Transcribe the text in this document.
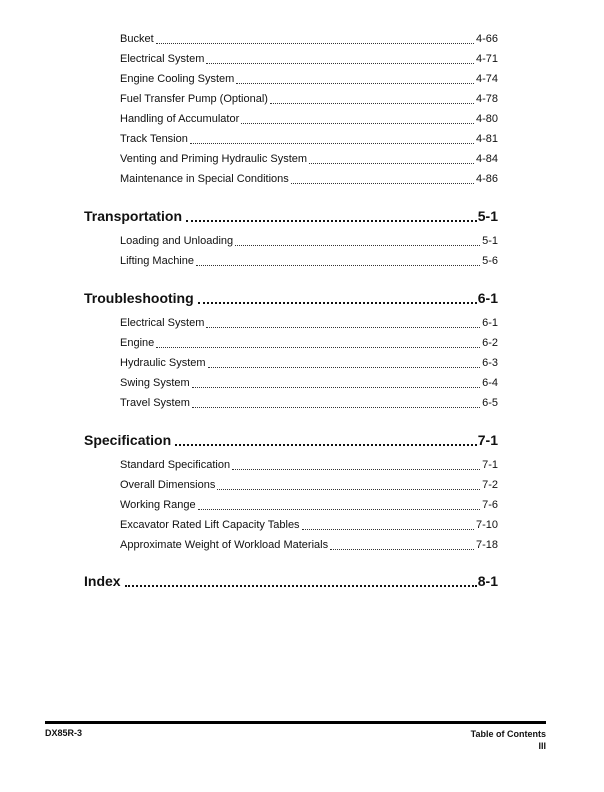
Bucket	4-66
Electrical System	4-71
Engine Cooling System	4-74
Fuel Transfer Pump (Optional)	4-78
Handling of Accumulator	4-80
Track Tension	4-81
Venting and Priming Hydraulic System	4-84
Maintenance in Special Conditions	4-86
Transportation	5-1
Loading and Unloading	5-1
Lifting Machine	5-6
Troubleshooting	6-1
Electrical System	6-1
Engine	6-2
Hydraulic System	6-3
Swing System	6-4
Travel System	6-5
Specification	7-1
Standard Specification	7-1
Overall Dimensions	7-2
Working Range	7-6
Excavator Rated Lift Capacity Tables	7-10
Approximate Weight of Workload Materials	7-18
Index	8-1
DX85R-3	Table of Contents
III
